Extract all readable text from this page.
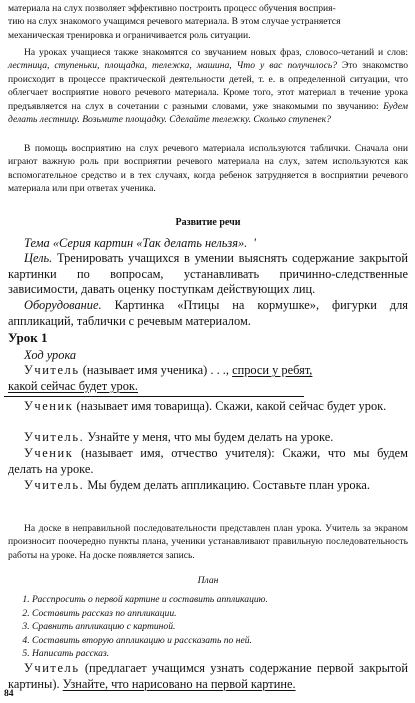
материала на слух позволяет эффективно построить процесс обучения восприя-
тию на слух знакомого учащимся речевого материала. В этом случае устраняется
механическая тренировка и ограничивается роль ситуации.
На уроках учащиеся также знакомятся со звучанием новых фраз, словосо-четаний и слов: лестница, ступеньки, площадка, тележка, машина, Что у вас получилось? Это знакомство происходит в процессе практической деятельности детей, т. е. в определенной ситуации, что облегчает восприятие нового речевого материала. Кроме того, этот материал в течение урока предъявляется на слух в сочетании с разными словами, уже знакомыми по звучанию: Будем делать лестницу. Возьмите площадку. Сделайте тележку. Сколько ступенек?
В помощь восприятию на слух речевого материала используются таблички. Сначала они играют важную роль при восприятии речевого материала на слух, затем используются как вспомогательное средство и в тех случаях, когда ребенок затрудняется в восприятии речевого материала или при ответах ученика.
Развитие речи
Тема «Серия картин «Так делать нельзя». '
Цель. Тренировать учащихся в умении выяснять содержание закрытой картинки по вопросам, устанавливать причинно-следственные зависимости, давать оценку поступкам действующих лиц.
Оборудование. Картинка «Птицы на кормушке», фигурки для аппликаций, таблички с речевым материалом.
Урок 1
Ход урока
Учитель (называет имя ученика) . . ., спроси у ребят,
какой сейчас будет урок.
Ученик (называет имя товарища). Скажи, какой сейчас будет урок.
Учитель. Узнайте у меня, что мы будем делать на уроке.
Ученик (называет имя, отчество учителя): Скажи, что мы будем делать на уроке.
Учитель. Мы будем делать аппликацию. Составьте план урока.
На доске в неправильной последовательности представлен план урока. Учитель за экраном произносит поочередно пункты плана, ученики устанавливают правильную последовательность работы на уроке. На доске появляется запись.
План
1. Расспросить о первой картине и составить аппликацию.
2. Составить рассказ по аппликации.
3. Сравнить аппликацию с картиной.
4. Составить вторую аппликацию и рассказать по ней.
5. Написать рассказ.
Учитель (предлагает учащимся узнать содержание первой закрытой картины). Узнайте, что нарисовано на первой картине.
84
